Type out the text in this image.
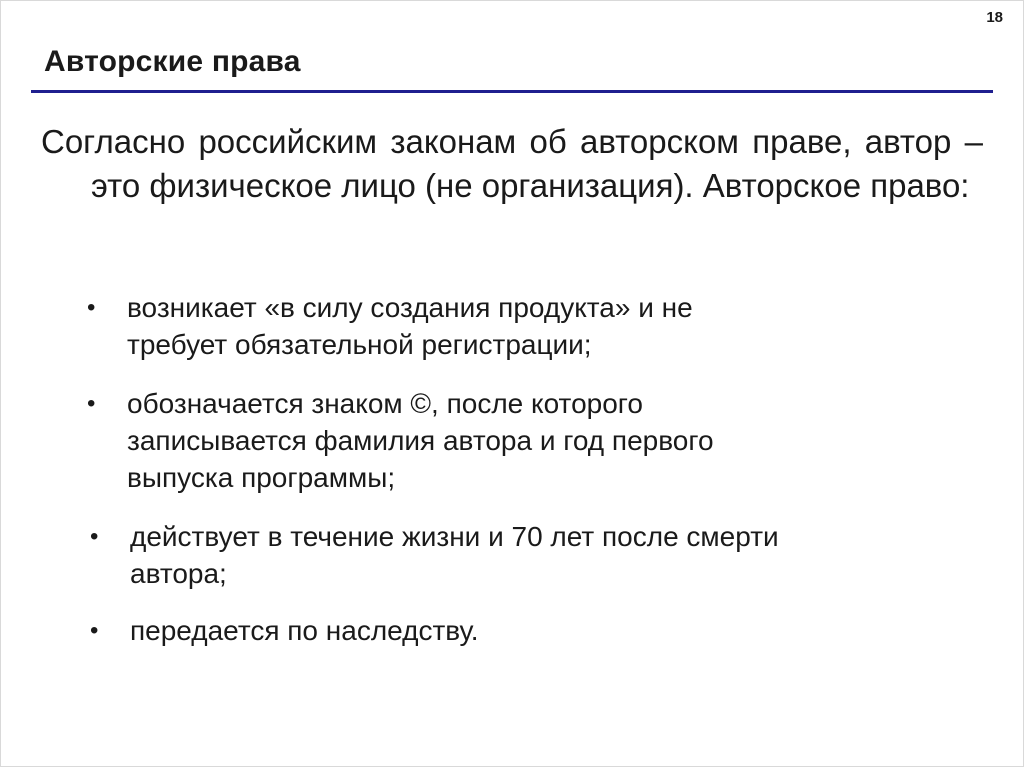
18
Авторские права

Согласно российским законам об авторском праве, автор – это физическое лицо (не организация). Авторское право:

• возникает «в силу создания продукта» и не
требует обязательной регистрации;
• обозначается знаком ©, после которого
записывается фамилия автора и год первого
выпуска программы;
• действует в течение жизни и 70 лет после смерти
автора;
• передается по наследству.
